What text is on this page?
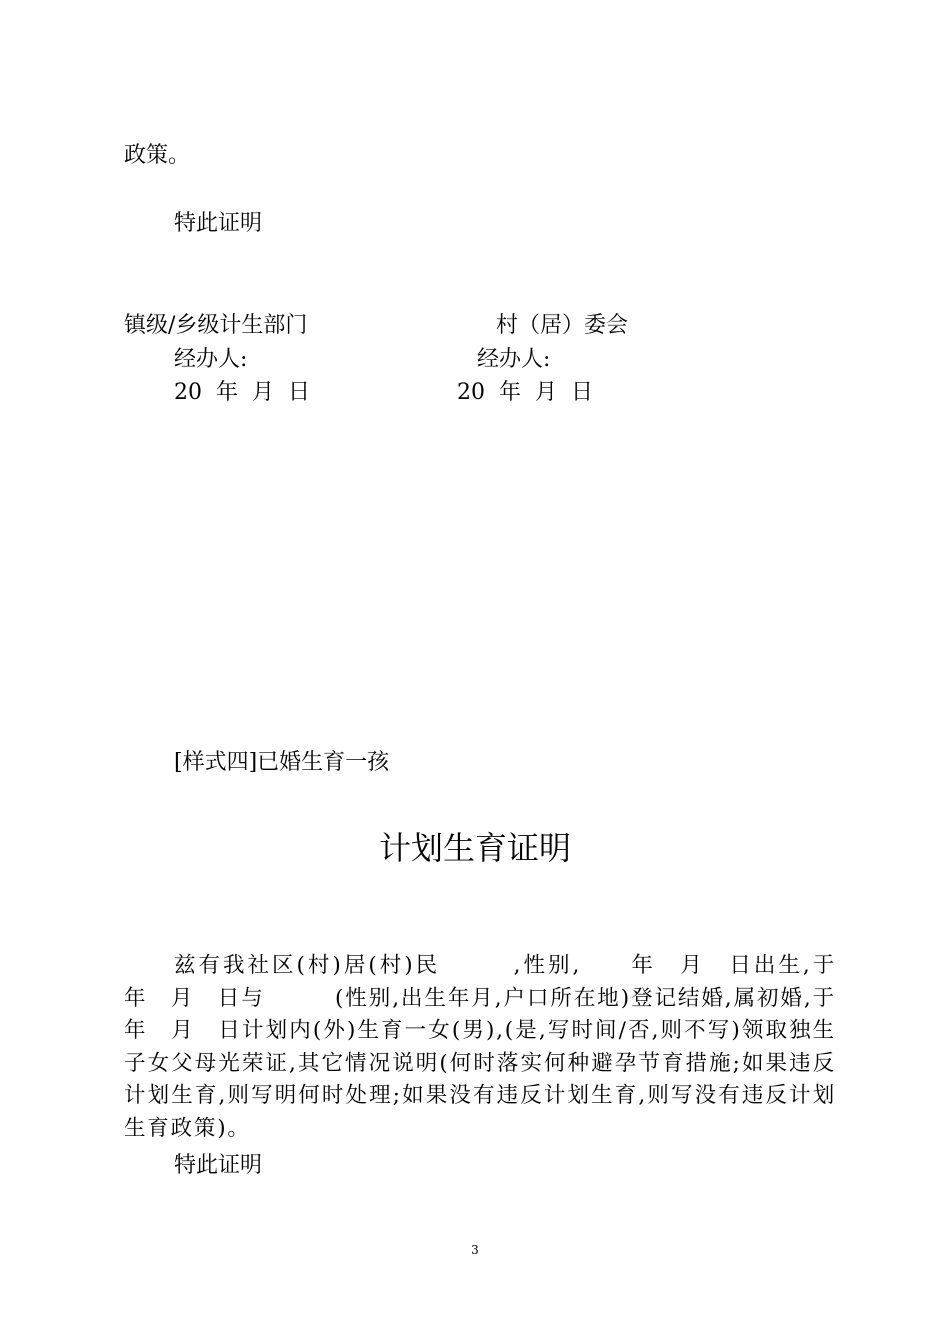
政策。
特此证明
镇级/乡级计生部门	村（居）委会
经办人:	经办人:
20  年  月  日	20  年  月  日
[样式四]已婚生育一孩
计划生育证明
兹有我社区(村)居(村)民　　　,性别,　　年　月　日出生,于　　年　月　日与　　　(性别,出生年月,户口所在地)登记结婚,属初婚,于　　年　月　日计划内(外)生育一女(男),(是,写时间/否,则不写)领取独生子女父母光荣证,其它情况说明(何时落实何种避孕节育措施;如果违反计划生育,则写明何时处理;如果没有违反计划生育,则写没有违反计划生育政策)。
特此证明
3
